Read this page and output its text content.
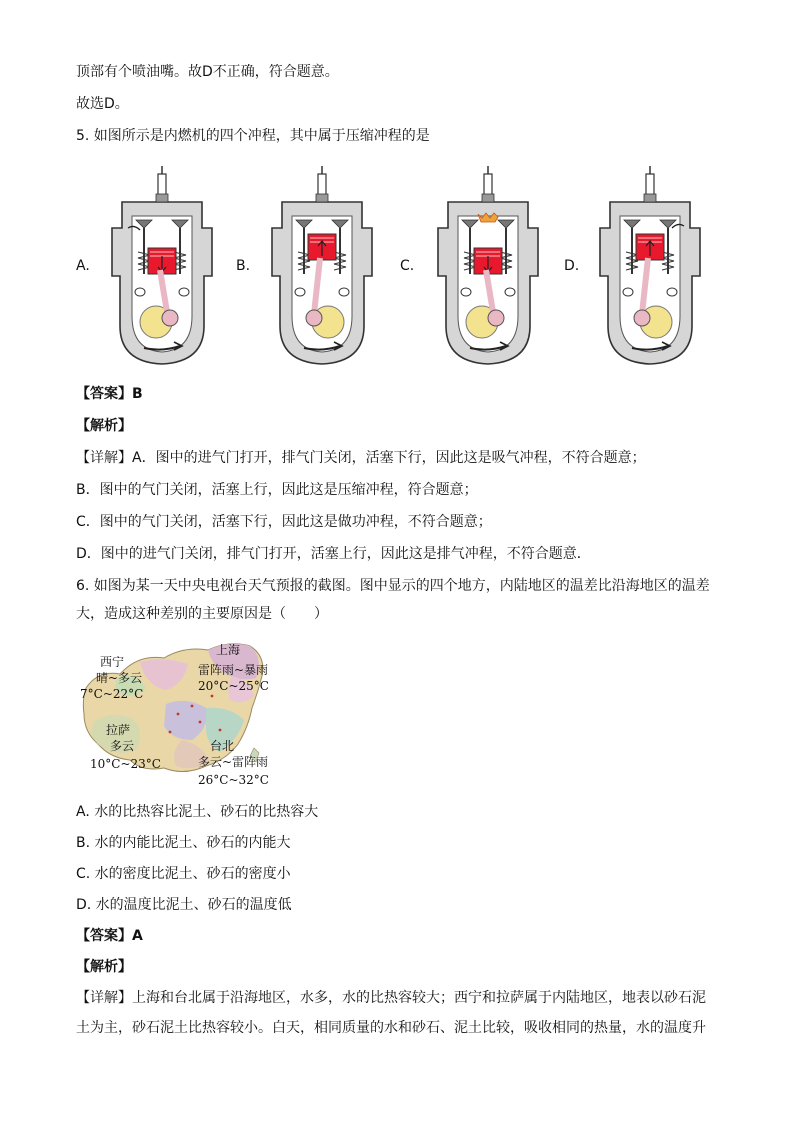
顶部有个喷油嘴。故D不正确，符合题意。
故选D。
5. 如图所示是内燃机的四个冲程，其中属于压缩冲程的是
A.	B.	C.	D.
【答案】B
【解析】
【详解】A．图中的进气门打开，排气门关闭，活塞下行，因此这是吸气冲程，不符合题意；
B．图中的气门关闭，活塞上行，因此这是压缩冲程，符合题意；
C．图中的气门关闭，活塞下行，因此这是做功冲程，不符合题意；
D．图中的进气门关闭，排气门打开，活塞上行，因此这是排气冲程，不符合题意．
6. 如图为某一天中央电视台天气预报的截图。图中显示的四个地方，内陆地区的温差比沿海地区的温差
大，造成这种差别的主要原因是（　　）
西宁
晴~多云
7°C~22°C
上海
雷阵雨~暴雨
20°C~25°C
拉萨
多云
10°C~23°C
台北
多云~雷阵雨
26°C~32°C
A. 水的比热容比泥土、砂石的比热容大
B. 水的内能比泥土、砂石的内能大
C. 水的密度比泥土、砂石的密度小
D. 水的温度比泥土、砂石的温度低
【答案】A
【解析】
【详解】上海和台北属于沿海地区，水多，水的比热容较大；西宁和拉萨属于内陆地区，地表以砂石泥
土为主，砂石泥土比热容较小。白天，相同质量的水和砂石、泥土比较，吸收相同的热量，水的温度升
